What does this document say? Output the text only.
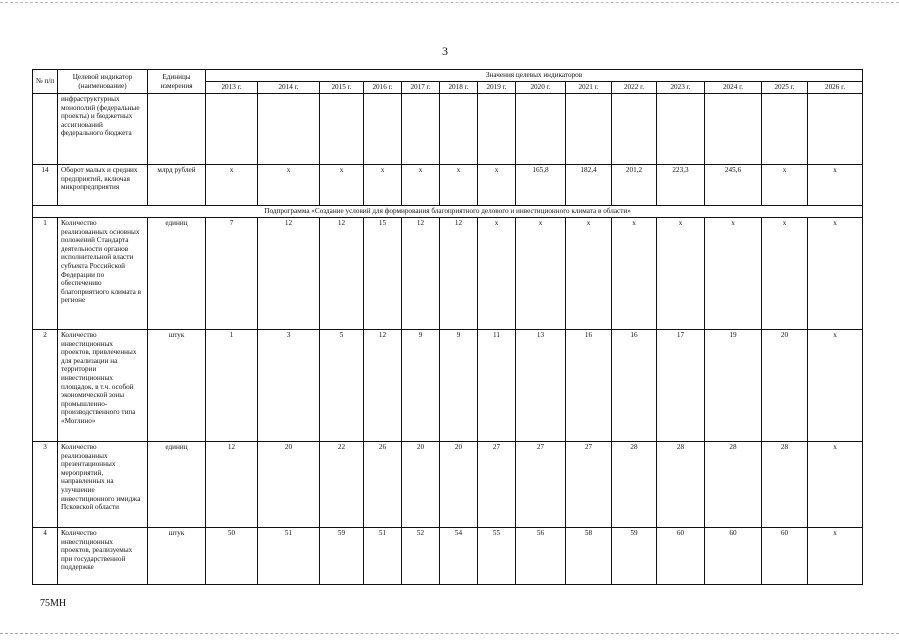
3
№ п/п	Целевой индикатор (наименование)	Единицы измерения	Значения целевых индикаторов													
			2013 г.	2014 г.	2015 г.	2016 г.	2017 г.	2018 г.	2019 г.	2020 г.	2021 г.	2022 г.	2023 г.	2024 г.	2025 г.	2026 г.
	инфраструктурных монополий (федеральные проекты) и бюджетных ассигнований федерального бюджета															
14	Оборот малых и средних предприятий, включая микропредприятия	млрд рублей	x	x	x	x	x	x	x	165,8	182,4	201,2	223,3	245,6	x	x
Подпрограмма «Создание условий для формирования благоприятного делового и инвестиционного климата в области»																
1	Количество реализованных основных положений Стандарта деятельности органов исполнительной власти субъекта Российской Федерации по обеспечению благоприятного климата в регионе	единиц	7	12	12	15	12	12	x	x	x	x	x	x	x	x
2	Количество инвестиционных проектов, привлеченных для реализации на территории инвестиционных площадок, в т.ч. особой экономической зоны промышленно-производственного типа «Моглино»	штук	1	3	5	12	9	9	11	13	16	16	17	19	20	x
3	Количество реализованных презентационных мероприятий, направленных на улучшение инвестиционного имиджа Псковской области	единиц	12	20	22	26	20	20	27	27	27	28	28	28	28	x
4	Количество инвестиционных проектов, реализуемых при государственной поддержке	штук	50	51	59	51	52	54	55	56	58	59	60	60	60	x
75МН
